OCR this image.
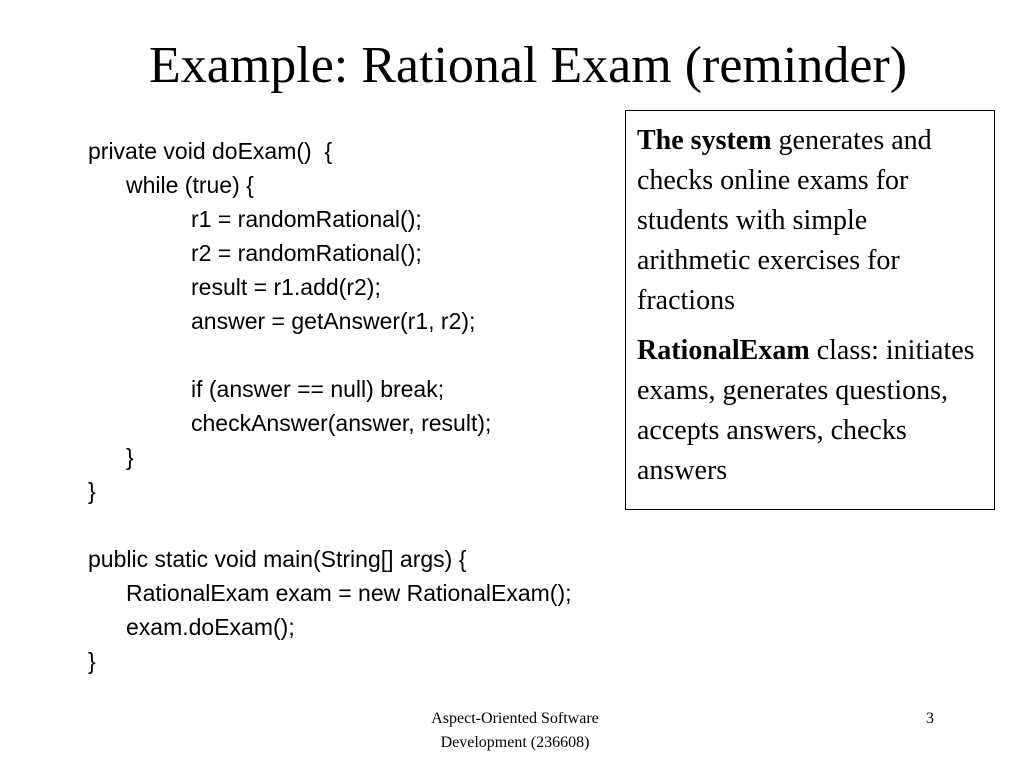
Example: Rational Exam (reminder)
private void doExam()  {
while (true) {
r1 = randomRational();
r2 = randomRational();
result = r1.add(r2);
answer = getAnswer(r1, r2);
if (answer == null) break;
checkAnswer(answer, result);
}
}
public static void main(String[] args) {
RationalExam exam = new RationalExam();
exam.doExam();
}

The system generates and checks online exams for students with simple arithmetic exercises for fractions

RationalExam class: initiates exams, generates questions, accepts answers, checks answers

Aspect-Oriented Software
Development (236608)
3
